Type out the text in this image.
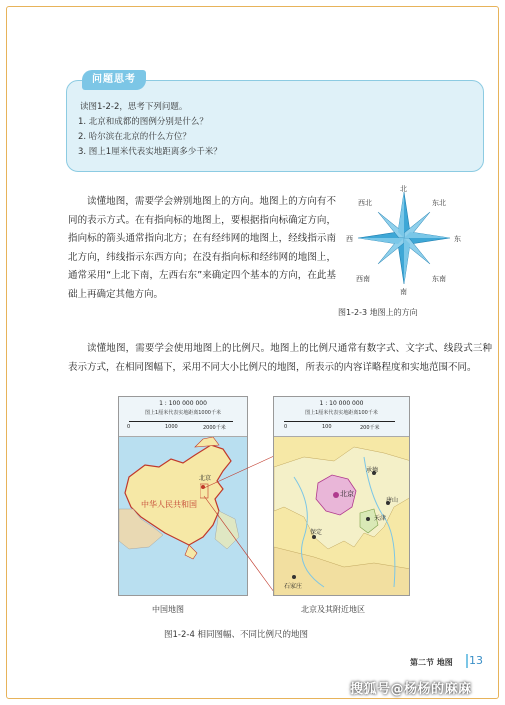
问题思考
读图1-2-2，思考下列问题。
1. 北京和成都的图例分别是什么？
2. 哈尔滨在北京的什么方位？
3. 图上1厘米代表实地距离多少千米？

读懂地图，需要学会辨别地图上的方向。地图上的方向有不同的表示方式。在有指向标的地图上，要根据指向标确定方向，指向标的箭头通常指向北方；在有经纬网的地图上，经线指示南北方向，纬线指示东西方向；在没有指向标和经纬网的地图上，通常采用“上北下南，左西右东”来确定四个基本的方向，在此基础上再确定其他方向。

北
南
东
西
东北
西北
东南
西南
图1-2-3 地图上的方向

读懂地图，需要学会使用地图上的比例尺。地图上的比例尺通常有数字式、文字式、线段式三种表示方式，在相同图幅下，采用不同大小比例尺的地图，所表示的内容详略程度和实地范围不同。

1 : 100 000 000
图上1厘米代表实地距离1000千米
0	1000	2000千米
中华人民共和国
北京
中国地图
1 : 10 000 000
图上1厘米代表实地距离100千米
0	100	200千米
北京
承德
天津
保定
石家庄
唐山
北京及其附近地区
图1-2-4 相同图幅、不同比例尺的地图
第二节 地图 13
搜狐号@杨杨的麻麻
